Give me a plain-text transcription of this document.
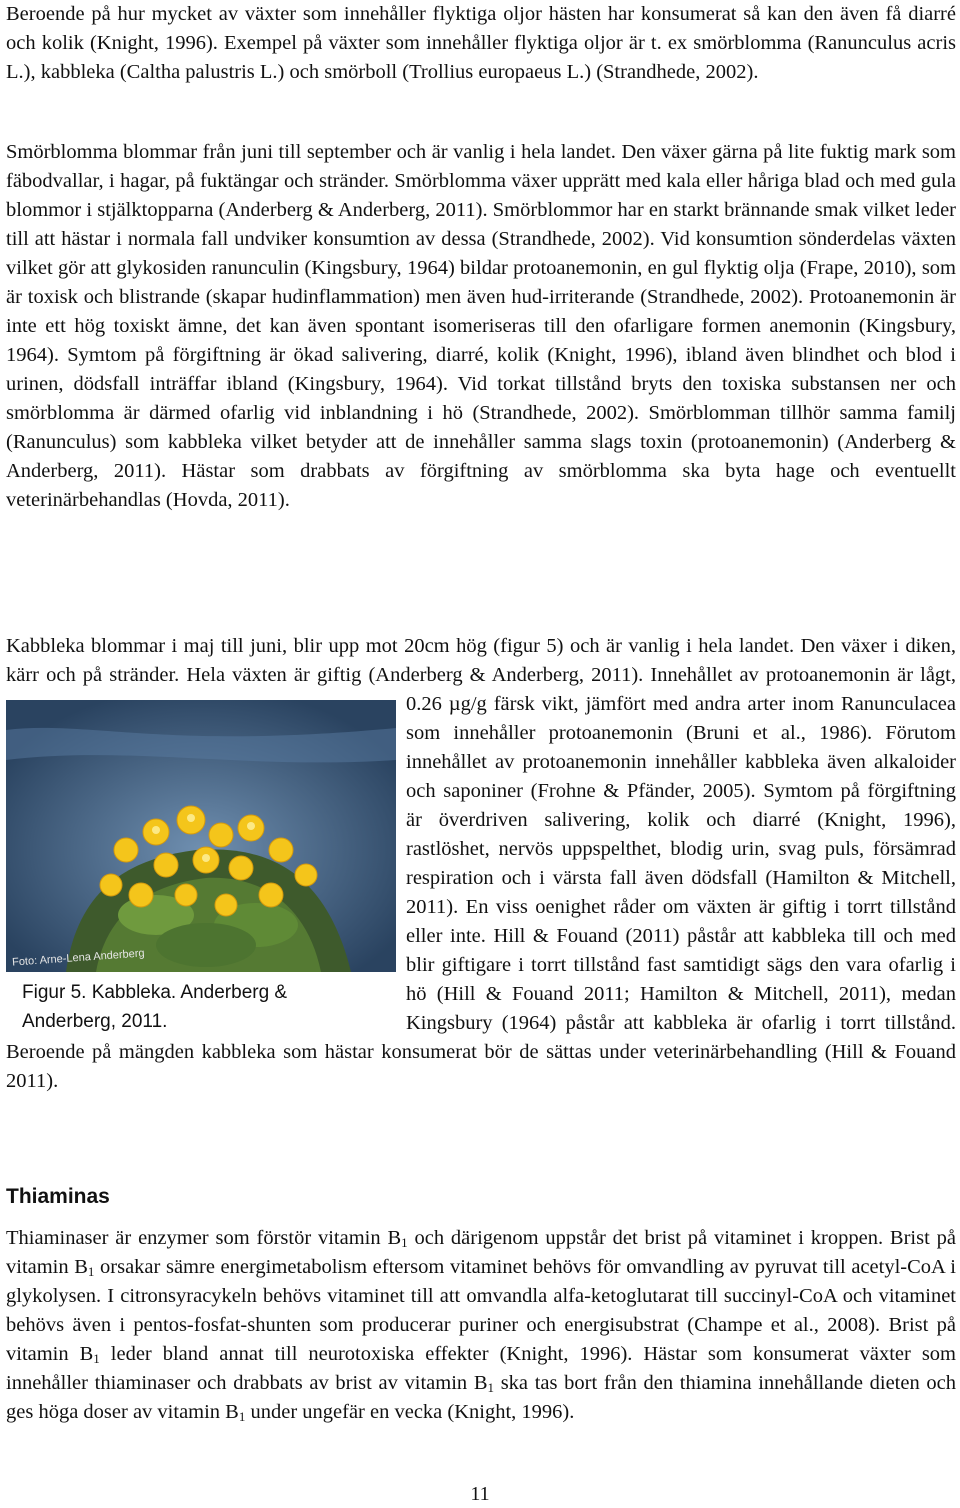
Beroende på hur mycket av växter som innehåller flyktiga oljor hästen har konsumerat så kan den även få diarré och kolik (Knight, 1996). Exempel på växter som innehåller flyktiga oljor är t. ex smörblomma (Ranunculus acris L.), kabbleka (Caltha palustris L.) och smörboll (Trollius europaeus L.) (Strandhede, 2002).

Smörblomma blommar från juni till september och är vanlig i hela landet. Den växer gärna på lite fuktig mark som fäbodvallar, i hagar, på fuktängar och stränder. Smörblomma växer upprätt med kala eller håriga blad och med gula blommor i stjälktopparna (Anderberg & Anderberg, 2011). Smörblommor har en starkt brännande smak vilket leder till att hästar i normala fall undviker konsumtion av dessa (Strandhede, 2002). Vid konsumtion sönderdelas växten vilket gör att glykosiden ranunculin (Kingsbury, 1964) bildar protoanemonin, en gul flyktig olja (Frape, 2010), som är toxisk och blistrande (skapar hudinflammation) men även hud-irriterande (Strandhede, 2002). Protoanemonin är inte ett hög toxiskt ämne, det kan även spontant isomeriseras till den ofarligare formen anemonin (Kingsbury, 1964). Symtom på förgiftning är ökad salivering, diarré, kolik (Knight, 1996), ibland även blindhet och blod i urinen, dödsfall inträffar ibland (Kingsbury, 1964). Vid torkat tillstånd bryts den toxiska substansen ner och smörblomma är därmed ofarlig vid inblandning i hö (Strandhede, 2002). Smörblomman tillhör samma familj (Ranunculus) som kabbleka vilket betyder att de innehåller samma slags toxin (protoanemonin) (Anderberg & Anderberg, 2011). Hästar som drabbats av förgiftning av smörblomma ska byta hage och eventuellt veterinärbehandlas (Hovda, 2011).

Kabbleka blommar i maj till juni, blir upp mot 20cm hög (figur 5) och är vanlig i hela landet. Den växer i diken, kärr och på stränder. Hela växten är giftig (Anderberg & Anderberg, 2011). Innehållet av protoanemonin är lågt, 0.26 µg/g färsk vikt, jämfört med andra arter inom Ranunculacea som innehåller protoanemonin (Bruni et al., 1986). Förutom innehållet av protoanemonin innehåller kabbleka även alkaloider och saponiner (Frohne & Pfänder, 2005). Symtom på förgiftning är överdriven salivering, kolik och diarré (Knight, 1996), rastlöshet, nervös uppspelthet, blodig urin, svag puls, försämrad respiration och i värsta fall även dödsfall (Hamilton & Mitchell, 2011). En viss oenighet råder om växten är giftig i torrt tillstånd eller inte. Hill & Fouand (2011) påstår att kabbleka till och med blir giftigare i torrt tillstånd fast samtidigt sägs den vara ofarlig i hö (Hill & Fouand 2011; Hamilton & Mitchell, 2011), medan Kingsbury (1964) påstår att kabbleka är ofarlig i torrt tillstånd. Beroende på mängden kabbleka som hästar konsumerat bör de sättas under veterinärbehandling (Hill & Fouand 2011).

Foto: Arne-Lena Anderberg
Figur 5. Kabbleka. Anderberg & Anderberg, 2011.
Thiaminas

Thiaminaser är enzymer som förstör vitamin $B_1$ och därigenom uppstår det brist på vitaminet i kroppen. Brist på vitamin $B_1$ orsakar sämre energimetabolism eftersom vitaminet behövs för omvandling av pyruvat till acetyl-CoA i glykolysen. I citronsyracykeln behövs vitaminet till att omvandla alfa-ketoglutarat till succinyl-CoA och vitaminet behövs även i pentos-fosfat-shunten som producerar puriner och energisubstrat (Champe et al., 2008). Brist på vitamin $B_1$ leder bland annat till neurotoxiska effekter (Knight, 1996). Hästar som konsumerat växter som innehåller thiaminaser och drabbats av brist av vitamin $B_1$ ska tas bort från den thiamina innehållande dieten och ges höga doser av vitamin $B_1$ under ungefär en vecka (Knight, 1996).

11
